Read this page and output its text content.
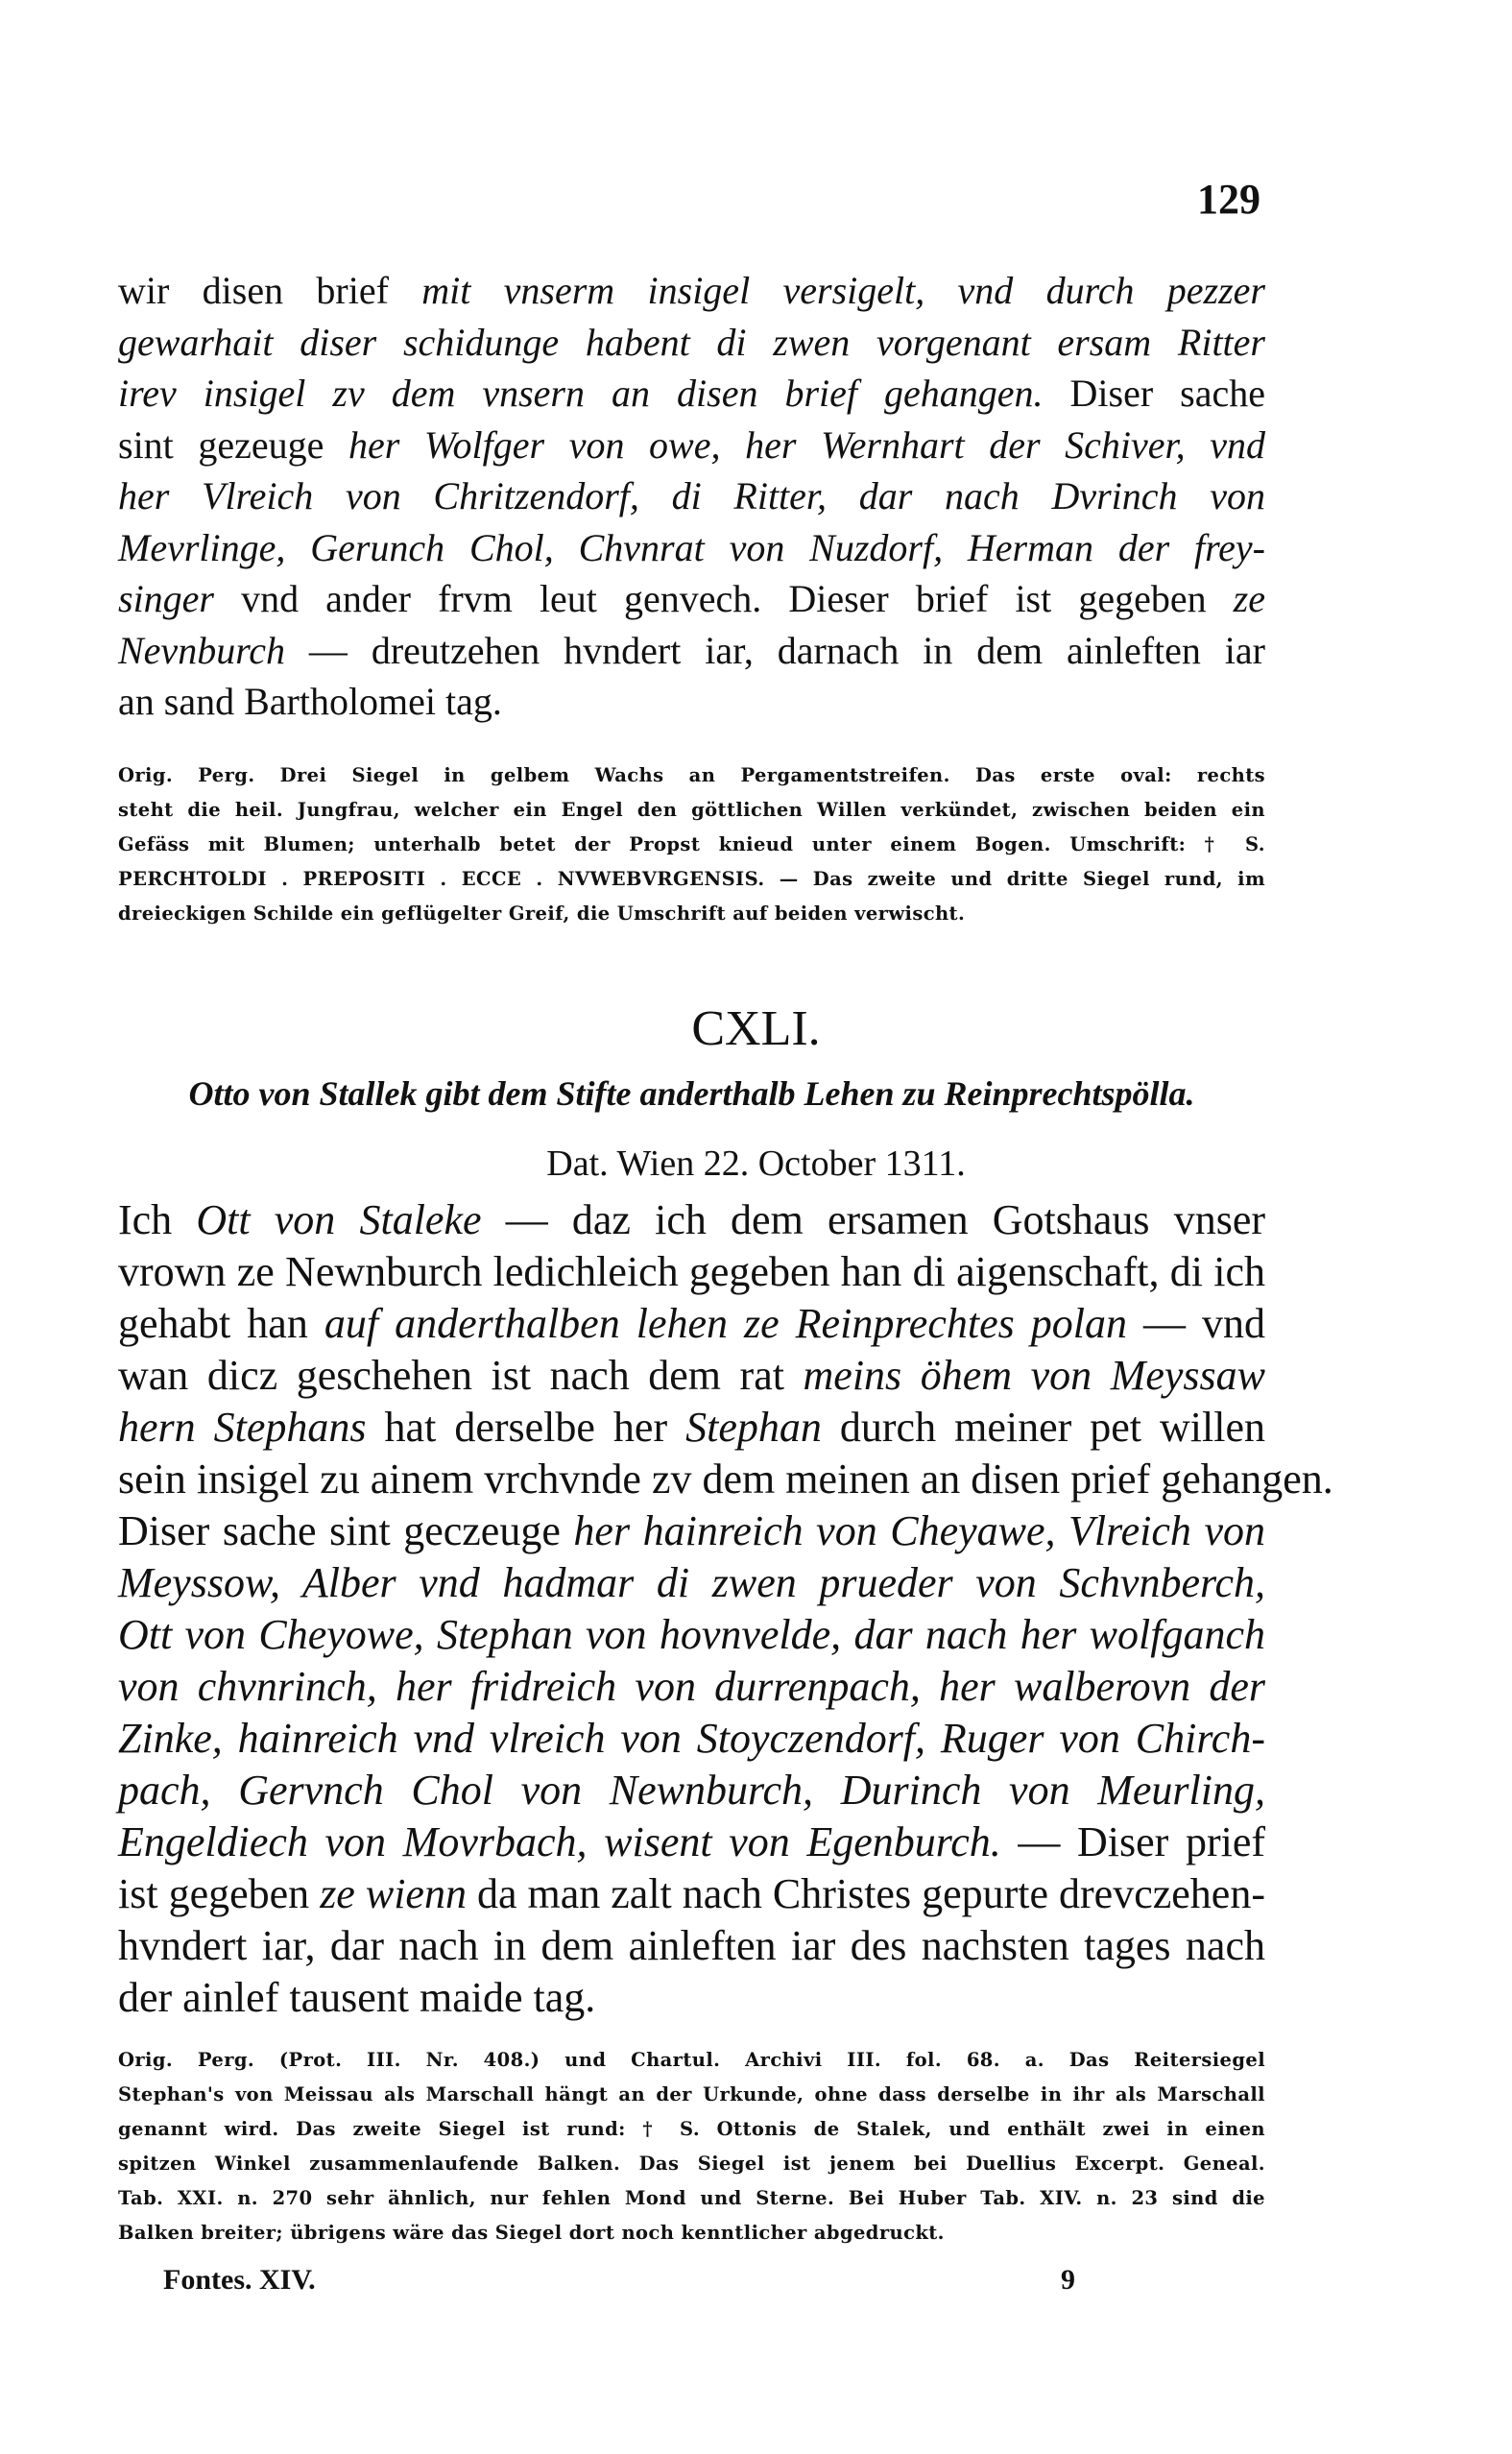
129
wir disen brief mit vnserm insigel versigelt, vnd durch pezzer
gewarhait diser schidunge habent di zwen vorgenant ersam Ritter
irev insigel zv dem vnsern an disen brief gehangen. Diser sache
sint gezeuge her Wolfger von owe, her Wernhart der Schiver, vnd
her Vlreich von Chritzendorf, di Ritter, dar nach Dvrinch von
Mevrlinge, Gerunch Chol, Chvnrat von Nuzdorf, Herman der frey-
singer vnd ander frvm leut genvech. Dieser brief ist gegeben ze
Nevnburch — dreutzehen hvndert iar, darnach in dem ainleften iar
an sand Bartholomei tag.
Orig. Perg. Drei Siegel in gelbem Wachs an Pergamentstreifen. Das erste oval: rechts
steht die heil. Jungfrau, welcher ein Engel den göttlichen Willen verkündet, zwischen beiden ein
Gefäss mit Blumen; unterhalb betet der Propst knieud unter einem Bogen. Umschrift: † S.
PERCHTOLDI . PREPOSITI . ECCE . NVWEBVRGENSIS. — Das zweite und dritte Siegel rund, im
dreieckigen Schilde ein geflügelter Greif, die Umschrift auf beiden verwischt.
CXLI.
Otto von Stallek gibt dem Stifte anderthalb Lehen zu Reinprechtspölla.
Dat. Wien 22. October 1311.
Ich Ott von Staleke — daz ich dem ersamen Gotshaus vnser
vrown ze Newnburch ledichleich gegeben han di aigenschaft, di ich
gehabt han auf anderthalben lehen ze Reinprechtes polan — vnd
wan dicz geschehen ist nach dem rat meins öhem von Meyssaw
hern Stephans hat derselbe her Stephan durch meiner pet willen
sein insigel zu ainem vrchvnde zv dem meinen an disen prief gehangen.
Diser sache sint geczeuge her hainreich von Cheyawe, Vlreich von
Meyssow, Alber vnd hadmar di zwen prueder von Schvnberch,
Ott von Cheyowe, Stephan von hovnvelde, dar nach her wolfganch
von chvnrinch, her fridreich von durrenpach, her walberovn der
Zinke, hainreich vnd vlreich von Stoyczendorf, Ruger von Chirch-
pach, Gervnch Chol von Newnburch, Durinch von Meurling,
Engeldiech von Movrbach, wisent von Egenburch. — Diser prief
ist gegeben ze wienn da man zalt nach Christes gepurte drevczehen-
hvndert iar, dar nach in dem ainleften iar des nachsten tages nach
der ainlef tausent maide tag.
Orig. Perg. (Prot. III. Nr. 408.) und Chartul. Archivi III. fol. 68. a. Das Reitersiegel
Stephan's von Meissau als Marschall hängt an der Urkunde, ohne dass derselbe in ihr als Marschall
genannt wird. Das zweite Siegel ist rund: † S. Ottonis de Stalek, und enthält zwei in einen
spitzen Winkel zusammenlaufende Balken. Das Siegel ist jenem bei Duellius Excerpt. Geneal.
Tab. XXI. n. 270 sehr ähnlich, nur fehlen Mond und Sterne. Bei Huber Tab. XIV. n. 23 sind die
Balken breiter; übrigens wäre das Siegel dort noch kenntlicher abgedruckt.
Fontes. XIV.	9
